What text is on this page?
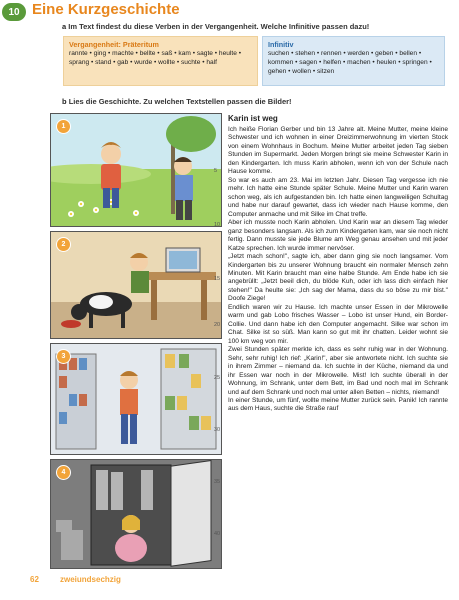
10 Eine Kurzgeschichte
a Im Text findest du diese Verben in der Vergangenheit. Welche Infinitive passen dazu!
Vergangenheit: Präteritum
rannte • ging • machte • bellte • saß • kam • sagte • heulte • sprang • stand • gab • wurde • wollte • suchte • half
Infinitiv
suchen • stehen • rennen • werden • geben • bellen • kommen • sagen • helfen • machen • heulen • springen • gehen • wollen • sitzen
b Lies die Geschichte. Zu welchen Textstellen passen die Bilder!
1
2
3
4
5
10
15
20
25
30
35
40
Karin ist weg

Ich heiße Florian Gerber und bin 13 Jahre alt. Meine Mutter, meine kleine Schwester und ich wohnen in einer Dreizimmerwohnung im vierten Stock von einem Wohnhaus in Bochum. Meine Mutter arbeitet jeden Tag sieben Stunden im Supermarkt. Jeden Morgen bringt sie meine Schwester Karin in den Kindergarten. Ich muss Karin abholen, wenn ich von der Schule nach Hause komme.

So war es auch am 23. Mai im letzten Jahr. Diesen Tag vergesse ich nie mehr. Ich hatte eine Stunde später Schule. Meine Mutter und Karin waren schon weg, als ich aufgestanden bin. Ich hatte einen langweiligen Schultag und habe nur darauf gewartet, dass ich wieder nach Hause komme, den Computer anmache und mit Silke im Chat treffe.

Aber ich musste noch Karin abholen. Und Karin war an diesem Tag wieder ganz besonders langsam. Als ich zum Kindergarten kam, war sie noch nicht fertig. Dann musste sie jede Blume am Weg genau ansehen und mit jeder Katze sprechen. Ich wurde immer nervöser.

„Jetzt mach schon!", sagte ich, aber dann ging sie noch langsamer. Vom Kindergarten bis zu unserer Wohnung braucht ein normaler Mensch zehn Minuten. Mit Karin braucht man eine halbe Stunde. Am Ende habe ich sie angebrüllt: „Jetzt beeil dich, du blöde Kuh, oder ich lass dich einfach hier stehen!" Da heulte sie: „Ich sag der Mama, dass du so böse zu mir bist." Doofe Ziege!

Endlich waren wir zu Hause. Ich machte unser Essen in der Mikrowelle warm und gab Lobo frisches Wasser – Lobo ist unser Hund, ein Border-Collie. Und dann habe ich den Computer angemacht. Silke war schon im Chat. Silke ist so süß. Man kann so gut mit ihr chatten. Leider wohnt sie 100 km weg von mir.

Zwei Stunden später merkte ich, dass es sehr ruhig war in der Wohnung. Sehr, sehr ruhig! Ich rief: „Karin!", aber sie antwortete nicht. Ich suchte sie in ihrem Zimmer – niemand da. Ich suchte in der Küche, niemand da und ihr Essen war noch in der Mikrowelle. Mist! Ich suchte überall in der Wohnung, im Schrank, unter dem Bett, im Bad und noch mal im Schrank und auf dem Schrank und noch mal unter allen Betten – nichts, niemand!

In einer Stunde, um fünf, wollte meine Mutter zurück sein. Panik! Ich rannte aus dem Haus, suchte die Straße rauf

62	zweiundsechzig
